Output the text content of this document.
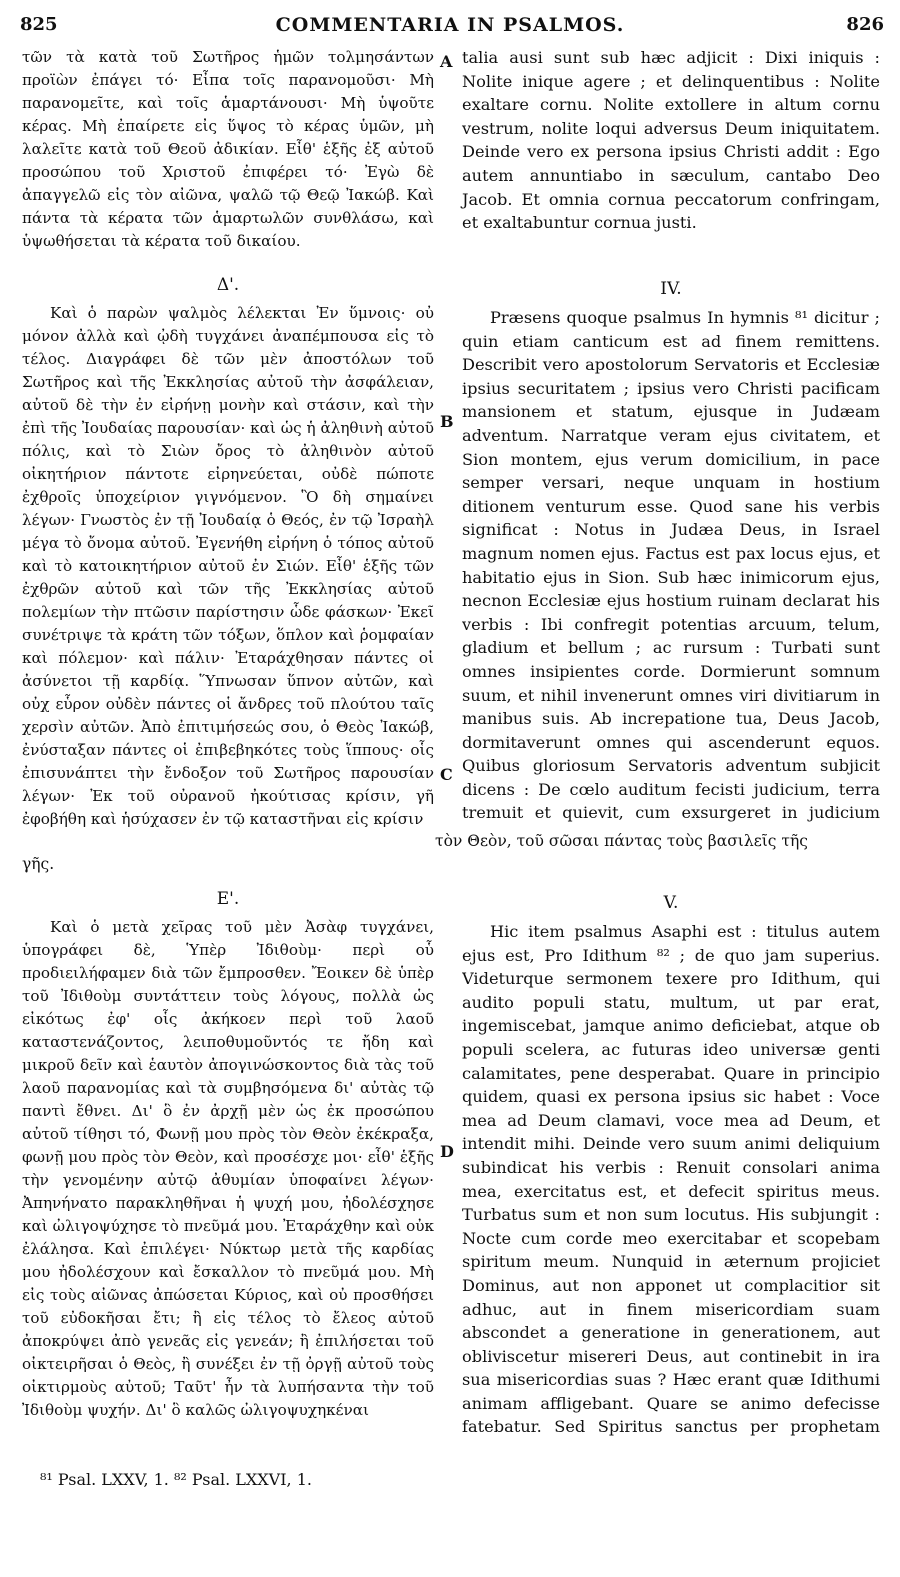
825	COMMENTARIA IN PSALMOS.	826

τῶν τὰ κατὰ τοῦ Σωτῆρος ἡμῶν τολμησάντων προϊὼν ἐπάγει τό· Εἶπα τοῖς παρανομοῦσι· Μὴ παρανομεῖτε, καὶ τοῖς ἁμαρτάνουσι· Μὴ ὑψοῦτε κέρας. Μὴ ἐπαίρετε εἰς ὕψος τὸ κέρας ὑμῶν, μὴ λαλεῖτε κατὰ τοῦ Θεοῦ ἀδικίαν. Εἶθ' ἑξῆς ἐξ αὐτοῦ προσώπου τοῦ Χριστοῦ ἐπιφέρει τό· Ἐγὼ δὲ ἀπαγγελῶ εἰς τὸν αἰῶνα, ψαλῶ τῷ Θεῷ Ἰακώβ. Καὶ πάντα τὰ κέρατα τῶν ἁμαρτωλῶν συνθλάσω, καὶ ὑψωθήσεται τὰ κέρατα τοῦ δικαίου.

Δ'.

Καὶ ὁ παρὼν ψαλμὸς λέλεκται Ἐν ὕμνοις· οὐ μόνον ἀλλὰ καὶ ᾠδὴ τυγχάνει ἀναπέμπουσα εἰς τὸ τέλος. Διαγράφει δὲ τῶν μὲν ἀποστόλων τοῦ Σωτῆρος καὶ τῆς Ἐκκλησίας αὐτοῦ τὴν ἀσφάλειαν, αὐτοῦ δὲ τὴν ἐν εἰρήνῃ μονὴν καὶ στάσιν, καὶ τὴν ἐπὶ τῆς Ἰουδαίας παρουσίαν· καὶ ὡς ἡ ἀληθινὴ αὐτοῦ πόλις, καὶ τὸ Σιὼν ὄρος τὸ ἀληθινὸν αὐτοῦ οἰκητήριον πάντοτε εἰρηνεύεται, οὐδὲ πώποτε ἐχθροῖς ὑποχείριον γιγνόμενον. Ὃ δὴ σημαίνει λέγων· Γνωστὸς ἐν τῇ Ἰουδαίᾳ ὁ Θεός, ἐν τῷ Ἰσραὴλ μέγα τὸ ὄνομα αὐτοῦ. Ἐγενήθη εἰρήνη ὁ τόπος αὐτοῦ καὶ τὸ κατοικητήριον αὐτοῦ ἐν Σιών. Εἶθ' ἑξῆς τῶν ἐχθρῶν αὐτοῦ καὶ τῶν τῆς Ἐκκλησίας αὐτοῦ πολεμίων τὴν πτῶσιν παρίστησιν ὧδε φάσκων· Ἐκεῖ συνέτριψε τὰ κράτη τῶν τόξων, ὅπλον καὶ ῥομφαίαν καὶ πόλεμον· καὶ πάλιν· Ἐταράχθησαν πάντες οἱ ἀσύνετοι τῇ καρδίᾳ. Ὕπνωσαν ὕπνον αὐτῶν, καὶ οὐχ εὗρον οὐδὲν πάντες οἱ ἄνδρες τοῦ πλούτου ταῖς χερσὶν αὐτῶν. Ἀπὸ ἐπιτιμήσεώς σου, ὁ Θεὸς Ἰακώβ, ἐνύσταξαν πάντες οἱ ἐπιβεβηκότες τοὺς ἵππους· οἷς ἐπισυνάπτει τὴν ἔνδοξον τοῦ Σωτῆρος παρουσίαν λέγων· Ἐκ τοῦ οὐρανοῦ ἠκούτισας κρίσιν, γῆ ἐφοβήθη καὶ ἡσύχασεν ἐν τῷ καταστῆναι εἰς κρίσιν

τὸν Θεὸν, τοῦ σῶσαι πάντας τοὺς βασιλεῖς τῆς
γῆς.
Ε'.

Καὶ ὁ μετὰ χεῖρας τοῦ μὲν Ἀσὰφ τυγχάνει, ὑπογράφει δὲ, Ὑπὲρ Ἰδιθοὺμ· περὶ οὗ προδιειλήφαμεν διὰ τῶν ἔμπροσθεν. Ἔοικεν δὲ ὑπὲρ τοῦ Ἰδιθοὺμ συντάττειν τοὺς λόγους, πολλὰ ὡς εἰκότως ἐφ' οἷς ἀκήκοεν περὶ τοῦ λαοῦ καταστενάζοντος, λειποθυμοῦντός τε ἤδη καὶ μικροῦ δεῖν καὶ ἑαυτὸν ἀπογινώσκοντος διὰ τὰς τοῦ λαοῦ παρανομίας καὶ τὰ συμβησόμενα δι' αὐτὰς τῷ παντὶ ἔθνει. Δι' ὃ ἐν ἀρχῇ μὲν ὡς ἐκ προσώπου αὐτοῦ τίθησι τό, Φωνῇ μου πρὸς τὸν Θεὸν ἐκέκραξα, φωνῇ μου πρὸς τὸν Θεὸν, καὶ προσέσχε μοι· εἶθ' ἑξῆς τὴν γενομένην αὐτῷ ἀθυμίαν ὑποφαίνει λέγων· Ἀπηνήνατο παρακληθῆναι ἡ ψυχή μου, ἠδολέσχησε καὶ ὠλιγοψύχησε τὸ πνεῦμά μου. Ἐταράχθην καὶ οὐκ ἐλάλησα. Καὶ ἐπιλέγει· Νύκτωρ μετὰ τῆς καρδίας μου ἠδολέσχουν καὶ ἔσκαλλον τὸ πνεῦμά μου. Μὴ εἰς τοὺς αἰῶνας ἀπώσεται Κύριος, καὶ οὐ προσθήσει τοῦ εὐδοκῆσαι ἔτι; ἢ εἰς τέλος τὸ ἔλεος αὐτοῦ ἀποκρύψει ἀπὸ γενεᾶς εἰς γενεάν; ἢ ἐπιλήσεται τοῦ οἰκτειρῆσαι ὁ Θεὸς, ἢ συνέξει ἐν τῇ ὀργῇ αὐτοῦ τοὺς οἰκτιρμοὺς αὐτοῦ; Ταῦτ' ἦν τὰ λυπήσαντα τὴν τοῦ Ἰδιθοὺμ ψυχήν. Δι' ὃ καλῶς ὠλιγοψυχηκέναι

A
B
C
D

talia ausi sunt sub hæc adjicit : Dixi iniquis : Nolite inique agere ; et delinquentibus : Nolite exaltare cornu. Nolite extollere in altum cornu vestrum, nolite loqui adversus Deum iniquitatem. Deinde vero ex persona ipsius Christi addit : Ego autem annuntiabo in sæculum, cantabo Deo Jacob. Et omnia cornua peccatorum confringam, et exaltabuntur cornua justi.

IV.

Præsens quoque psalmus In hymnis ⁸¹ dicitur ; quin etiam canticum est ad finem remittens. Describit vero apostolorum Servatoris et Ecclesiæ ipsius securitatem ; ipsius vero Christi pacificam mansionem et statum, ejusque in Judæam adventum. Narratque veram ejus civitatem, et Sion montem, ejus verum domicilium, in pace semper versari, neque unquam in hostium ditionem venturum esse. Quod sane his verbis significat : Notus in Judæa Deus, in Israel magnum nomen ejus. Factus est pax locus ejus, et habitatio ejus in Sion. Sub hæc inimicorum ejus, necnon Ecclesiæ ejus hostium ruinam declarat his verbis : Ibi confregit potentias arcuum, telum, gladium et bellum ; ac rursum : Turbati sunt omnes insipientes corde. Dormierunt somnum suum, et nihil invenerunt omnes viri divitiarum in manibus suis. Ab increpatione tua, Deus Jacob, dormitaverunt omnes qui ascenderunt equos. Quibus gloriosum Servatoris adventum subjicit dicens : De cœlo auditum fecisti judicium, terra tremuit et quievit, cum exsurgeret in judicium

V.

Hic item psalmus Asaphi est : titulus autem ejus est, Pro Idithum ⁸² ; de quo jam superius. Videturque sermonem texere pro Idithum, qui audito populi statu, multum, ut par erat, ingemiscebat, jamque animo deficiebat, atque ob populi scelera, ac futuras ideo universæ genti calamitates, pene desperabat. Quare in principio quidem, quasi ex persona ipsius sic habet : Voce mea ad Deum clamavi, voce mea ad Deum, et intendit mihi. Deinde vero suum animi deliquium subindicat his verbis : Renuit consolari anima mea, exercitatus est, et defecit spiritus meus. Turbatus sum et non sum locutus. His subjungit : Nocte cum corde meo exercitabar et scopebam spiritum meum. Nunquid in æternum projiciet Dominus, aut non apponet ut complacitior sit adhuc, aut in finem misericordiam suam abscondet a generatione in generationem, aut obliviscetur misereri Deus, aut continebit in ira sua misericordias suas ? Hæc erant quæ Idithumi animam affligebant. Quare se animo defecisse fatebatur. Sed Spiritus sanctus per prophetam

⁸¹ Psal. LXXV, 1. ⁸² Psal. LXXVI, 1.
